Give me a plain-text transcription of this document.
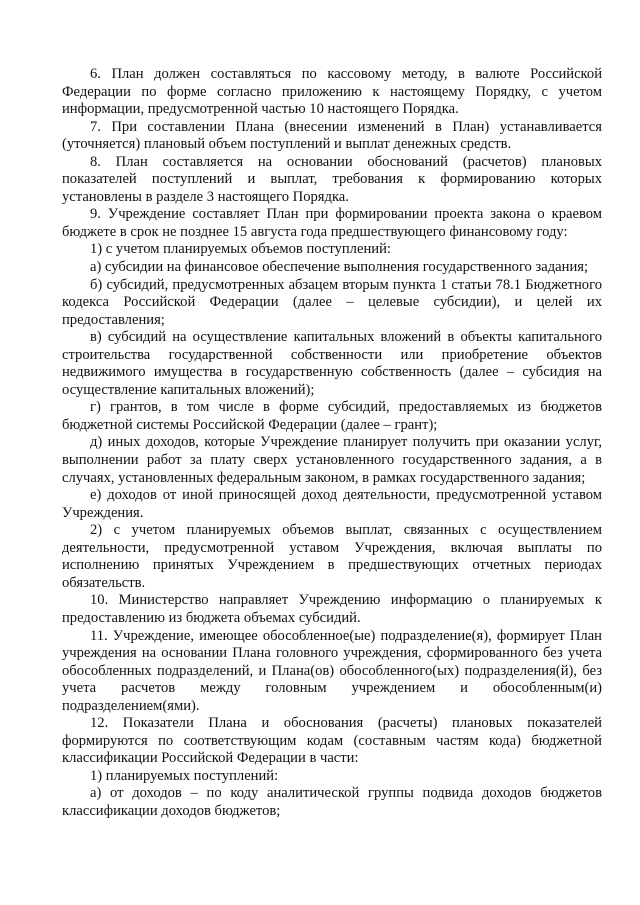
6. План должен составляться по кассовому методу, в валюте Российской Федерации по форме согласно приложению к настоящему Порядку, с учетом информации, предусмотренной частью 10 настоящего Порядка.

7. При составлении Плана (внесении изменений в План) устанавливается (уточняется) плановый объем поступлений и выплат денежных средств.

8. План составляется на основании обоснований (расчетов) плановых показателей поступлений и выплат, требования к формированию которых установлены в разделе 3 настоящего Порядка.

9. Учреждение составляет План при формировании проекта закона о краевом бюджете в срок не позднее 15 августа года предшествующего финансовому году:

1) с учетом планируемых объемов поступлений:

а) субсидии на финансовое обеспечение выполнения государственного задания;

б) субсидий, предусмотренных абзацем вторым пункта 1 статьи 78.1 Бюджетного кодекса Российской Федерации (далее – целевые субсидии), и целей их предоставления;

в) субсидий на осуществление капитальных вложений в объекты капитального строительства государственной собственности или приобретение объектов недвижимого имущества в государственную собственность (далее – субсидия на осуществление капитальных вложений);

г) грантов, в том числе в форме субсидий, предоставляемых из бюджетов бюджетной системы Российской Федерации (далее – грант);

д) иных доходов, которые Учреждение планирует получить при оказании услуг, выполнении работ за плату сверх установленного государственного задания, а в случаях, установленных федеральным законом, в рамках государственного задания;

е) доходов от иной приносящей доход деятельности, предусмотренной уставом Учреждения.

2) с учетом планируемых объемов выплат, связанных с осуществлением деятельности, предусмотренной уставом Учреждения, включая выплаты по исполнению принятых Учреждением в предшествующих отчетных периодах обязательств.

10. Министерство направляет Учреждению информацию о планируемых к предоставлению из бюджета объемах субсидий.

11. Учреждение, имеющее обособленное(ые) подразделение(я), формирует План учреждения на основании Плана головного учреждения, сформированного без учета обособленных подразделений, и Плана(ов) обособленного(ых) подразделения(й), без учета расчетов между головным учреждением и обособленным(и) подразделением(ями).

12. Показатели Плана и обоснования (расчеты) плановых показателей формируются по соответствующим кодам (составным частям кода) бюджетной классификации Российской Федерации в части:

1) планируемых поступлений:

а) от доходов – по коду аналитической группы подвида доходов бюджетов классификации доходов бюджетов;
